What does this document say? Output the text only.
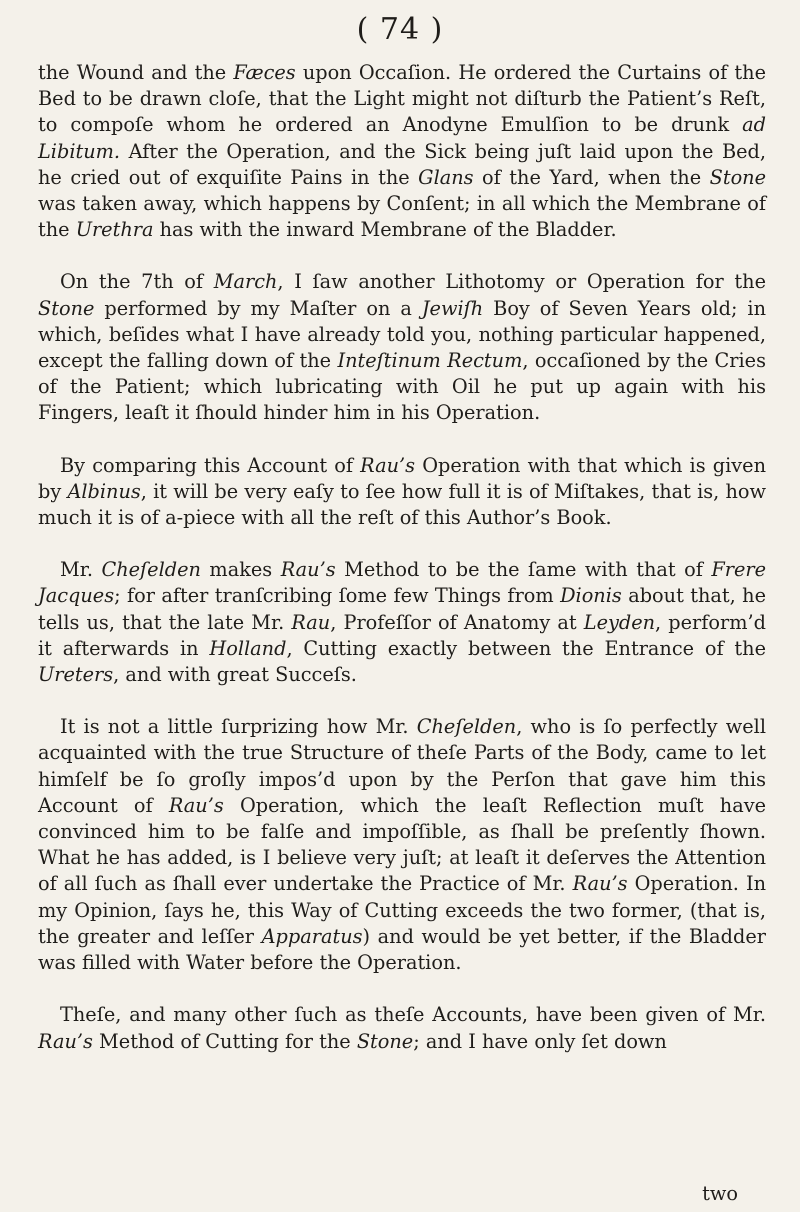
( 74 )

the Wound and the Fæces upon Occaſion. He ordered the Curtains of the Bed to be drawn cloſe, that the Light might not diſturb the Patient’s Reſt, to compoſe whom he ordered an Anodyne Emulſion to be drunk ad Libitum. After the Operation, and the Sick being juſt laid upon the Bed, he cried out of exquiſite Pains in the Glans of the Yard, when the Stone was taken away, which happens by Conſent; in all which the Membrane of the Urethra has with the inward Membrane of the Bladder.

On the 7th of March, I ſaw another Lithotomy or Operation for the Stone performed by my Maſter on a Jewiſh Boy of Seven Years old; in which, beſides what I have already told you, nothing particular happened, except the falling down of the Inteſtinum Rectum, occaſioned by the Cries of the Patient; which lubricating with Oil he put up again with his Fingers, leaſt it ſhould hinder him in his Operation.

By comparing this Account of Rau’s Operation with that which is given by Albinus, it will be very eaſy to ſee how full it is of Miſtakes, that is, how much it is of a-piece with all the reſt of this Author’s Book.

Mr. Cheſelden makes Rau’s Method to be the ſame with that of Frere Jacques; for after tranſcribing ſome few Things from Dionis about that, he tells us, that the late Mr. Rau, Profeſſor of Anatomy at Leyden, perform’d it afterwards in Holland, Cutting exactly between the Entrance of the Ureters, and with great Succeſs.

It is not a little ſurprizing how Mr. Cheſelden, who is ſo perfectly well acquainted with the true Structure of theſe Parts of the Body, came to let himſelf be ſo groſly impos’d upon by the Perſon that gave him this Account of Rau’s Operation, which the leaſt Reflection muſt have convinced him to be falſe and impoſſible, as ſhall be preſently ſhown. What he has added, is I believe very juſt; at leaſt it deſerves the Attention of all ſuch as ſhall ever undertake the Practice of Mr. Rau’s Operation. In my Opinion, ſays he, this Way of Cutting exceeds the two former, (that is, the greater and leſſer Apparatus) and would be yet better, if the Bladder was filled with Water before the Operation.

Theſe, and many other ſuch as theſe Accounts, have been given of Mr. Rau’s Method of Cutting for the Stone; and I have only ſet down

two
